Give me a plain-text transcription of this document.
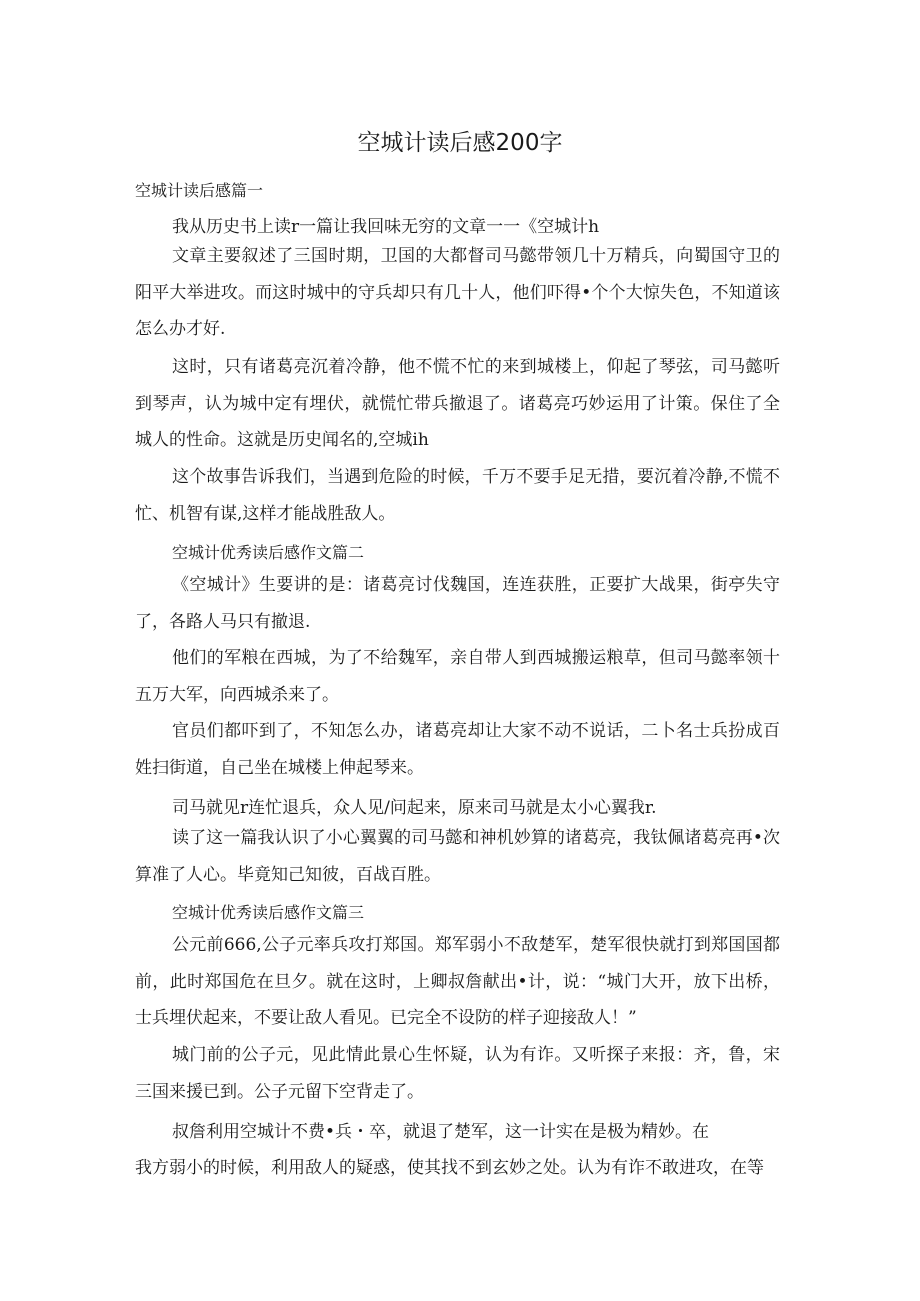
空城计读后感200字
空城计读后感篇一
我从历史书上读r一篇让我回味无穷的文章一一《空城计h

文章主要叙述了三国时期，卫国的大都督司马懿带领几十万精兵，向蜀国守卫的阳平大举进攻。而这时城中的守兵却只有几十人，他们吓得•个个大惊失色，不知道该怎么办才好.

这时，只有诸葛亮沉着冷静，他不慌不忙的来到城楼上，仰起了琴弦，司马懿听到琴声，认为城中定有埋伏，就慌忙带兵撤退了。诸葛亮巧妙运用了计策。保住了全城人的性命。这就是历史闻名的,空城ih

这个故事告诉我们，当遇到危险的时候，千万不要手足无措，要沉着冷静,不慌不忙、机智有谋,这样才能战胜敌人。

空城计优秀读后感作文篇二

《空城计》生要讲的是：诸葛亮讨伐魏国，连连获胜，正要扩大战果，街亭失守了，各路人马只有撤退.

他们的军粮在西城，为了不给魏军，亲自带人到西城搬运粮草，但司马懿率领十五万大军，向西城杀来了。

官员们都吓到了，不知怎么办，诸葛亮却让大家不动不说话，二卜名士兵扮成百姓扫街道，自己坐在城楼上伸起琴来。

司马就见r连忙退兵，众人见/问起来，原来司马就是太小心翼我r.

读了这一篇我认识了小心翼翼的司马懿和神机妙算的诸葛亮，我钛佩诸葛亮再•次算准了人心。毕竟知己知彼，百战百胜。

空城计优秀读后感作文篇三

公元前666,公子元率兵攻打郑国。郑军弱小不敌楚军，楚军很快就打到郑国国都前，此时郑国危在旦夕。就在这时，上卿叔詹献出•计，说：“城门大开，放下出桥，士兵埋伏起来，不要让敌人看见。已完全不设防的样子迎接敌人！”

城门前的公子元，见此情此景心生怀疑，认为有诈。又听探子来报：齐，鲁，宋三国来援已到。公子元留下空背走了。

叔詹利用空城计不费•兵・卒，就退了楚军，这一计实在是极为精妙。在
我方弱小的时候，利用敌人的疑惑，使其找不到玄妙之处。认为有诈不敢进攻，在等
